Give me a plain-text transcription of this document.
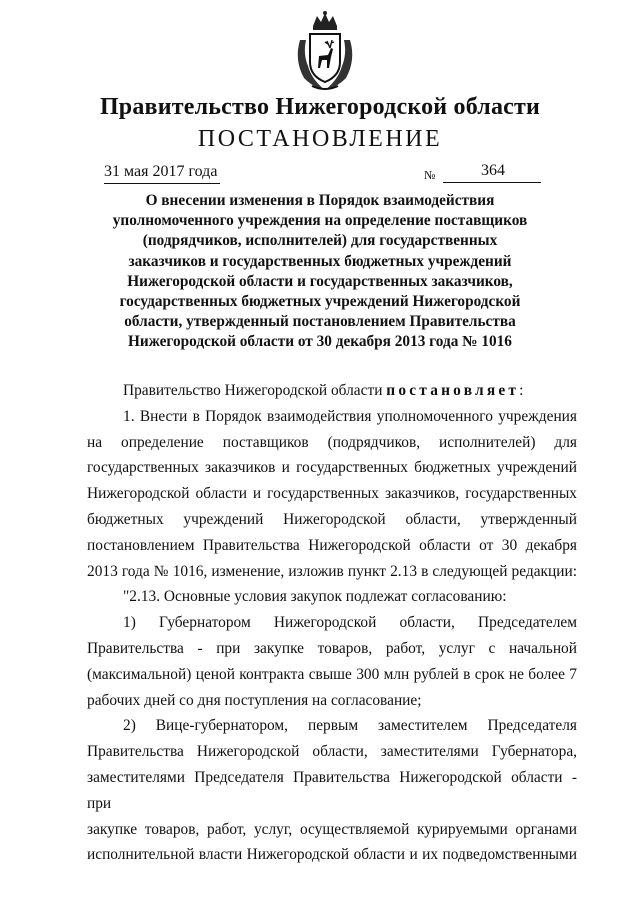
Правительство Нижегородской области
ПОСТАНОВЛЕНИЕ
31 мая 2017 года	№	364
О внесении изменения в Порядок взаимодействия
уполномоченного учреждения на определение поставщиков
(подрядчиков, исполнителей) для государственных
заказчиков и государственных бюджетных учреждений
Нижегородской области и государственных заказчиков,
государственных бюджетных учреждений Нижегородской
области, утвержденный постановлением Правительства
Нижегородской области от 30 декабря 2013 года № 1016

Правительство Нижегородской области постановляет:

1. Внести в Порядок взаимодействия уполномоченного учреждения

на определение поставщиков (подрядчиков, исполнителей) для

государственных заказчиков и государственных бюджетных учреждений

Нижегородской области и государственных заказчиков, государственных

бюджетных учреждений Нижегородской области, утвержденный

постановлением Правительства Нижегородской области от 30 декабря

2013 года № 1016, изменение, изложив пункт 2.13 в следующей редакции:

"2.13. Основные условия закупок подлежат согласованию:

1) Губернатором Нижегородской области, Председателем

Правительства - при закупке товаров, работ, услуг с начальной

(максимальной) ценой контракта свыше 300 млн рублей в срок не более 7

рабочих дней со дня поступления на согласование;

2) Вице-губернатором, первым заместителем Председателя

Правительства Нижегородской области, заместителями Губернатора,

заместителями Председателя Правительства Нижегородской области - при

закупке товаров, работ, услуг, осуществляемой курируемыми органами

исполнительной власти Нижегородской области и их подведомственными
